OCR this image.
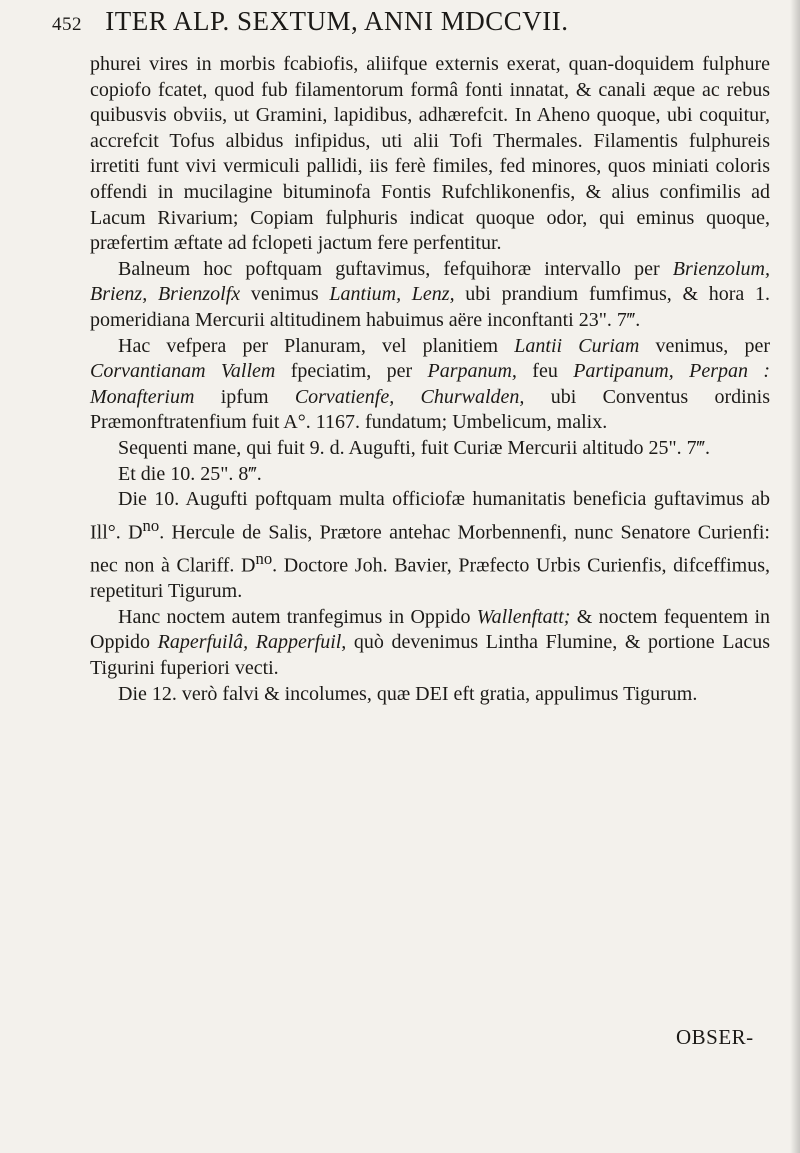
452 ITER ALP. SEXTUM, ANNI MDCCVII.

phurei vires in morbis fcabiofis, aliifque externis exerat, quan-doquidem fulphure copiofo fcatet, quod fub filamentorum formâ fonti innatat, & canali æque ac rebus quibusvis obviis, ut Gramini, lapidibus, adhærefcit. In Aheno quoque, ubi coquitur, accrefcit Tofus albidus infipidus, uti alii Tofi Thermales. Filamentis fulphureis irretiti funt vivi vermiculi pallidi, iis ferè fimiles, fed minores, quos miniati coloris offendi in mucilagine bituminofa Fontis Rufchlikonenfis, & alius confimilis ad Lacum Rivarium; Copiam fulphuris indicat quoque odor, qui eminus quoque, præfertim æftate ad fclopeti jactum fere perfentitur.

Balneum hoc poftquam guftavimus, fefquihoræ intervallo per Brienzolum, Brienz, Brienzolfx venimus Lantium, Lenz, ubi prandium fumfimus, & hora 1. pomeridiana Mercurii altitudinem habuimus aëre inconftanti 23". 7‴.

Hac vefpera per Planuram, vel planitiem Lantii Curiam venimus, per Corvantianam Vallem fpeciatim, per Parpanum, feu Partipanum, Perpan : Monafterium ipfum Corvatienfe, Churwalden, ubi Conventus ordinis Præmonftratenfium fuit A°. 1167. fundatum; Umbelicum, malix.

Sequenti mane, qui fuit 9. d. Augufti, fuit Curiæ Mercurii altitudo 25". 7‴.

Et die 10. 25". 8‴.

Die 10. Augufti poftquam multa officiofæ humanitatis beneficia guftavimus ab Ill°. $D^{no}$. Hercule de Salis, Prætore antehac Morbennenfi, nunc Senatore Curienfi: nec non à Clariff. $D^{no}$. Doctore Joh. Bavier, Præfecto Urbis Curienfis, difceffimus, repetituri Tigurum.

Hanc noctem autem tranfegimus in Oppido Wallenftatt; & noctem fequentem in Oppido Raperfuilâ, Rapperfuil, quò devenimus Lintha Flumine, & portione Lacus Tigurini fuperiori vecti.

Die 12. verò falvi & incolumes, quæ DEI eft gratia, appulimus Tigurum.

OBSER-
